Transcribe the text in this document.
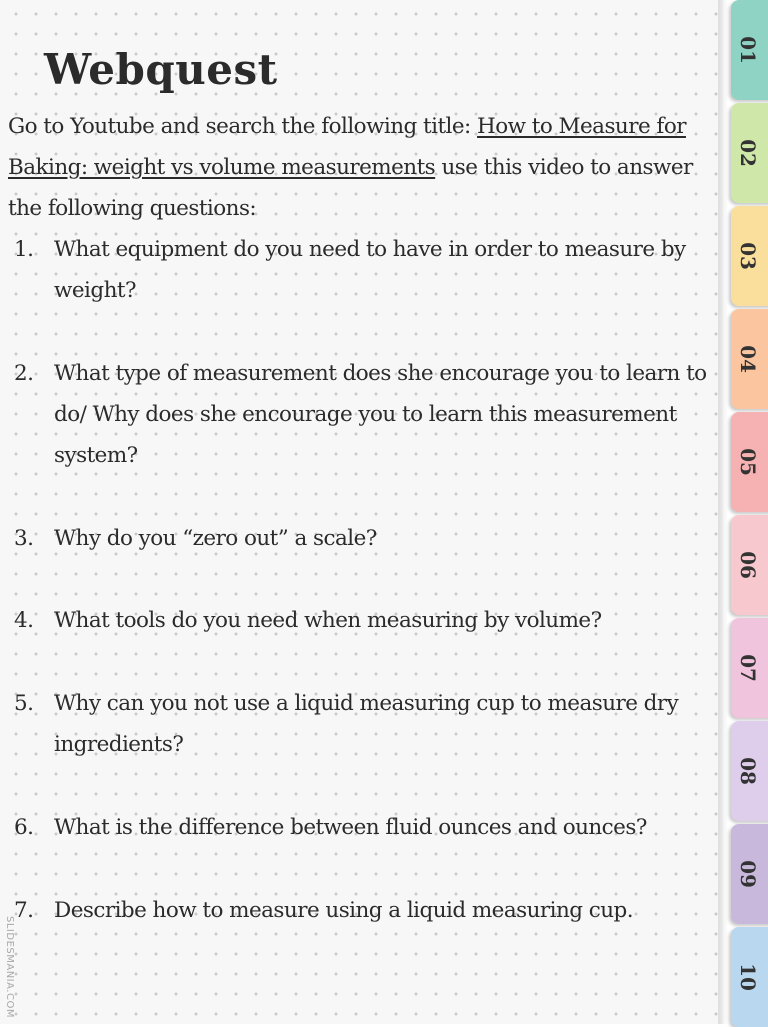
Webquest

Go to Youtube and search the following title: How to Measure for Baking: weight vs volume measurements use this video to answer the following questions:

1. What equipment do you need to have in order to measure by weight?
2. What type of measurement does she encourage you to learn to do/ Why does she encourage you to learn this measurement system?
3. Why do you “zero out” a scale?
4. What tools do you need when measuring by volume?
5. Why can you not use a liquid measuring cup to measure dry ingredients?
6. What is the difference between fluid ounces and ounces?
7. Describe how to measure using a liquid measuring cup.
SLIDESMANIA.COM
01
02
03
04
05
06
07
08
09
10
